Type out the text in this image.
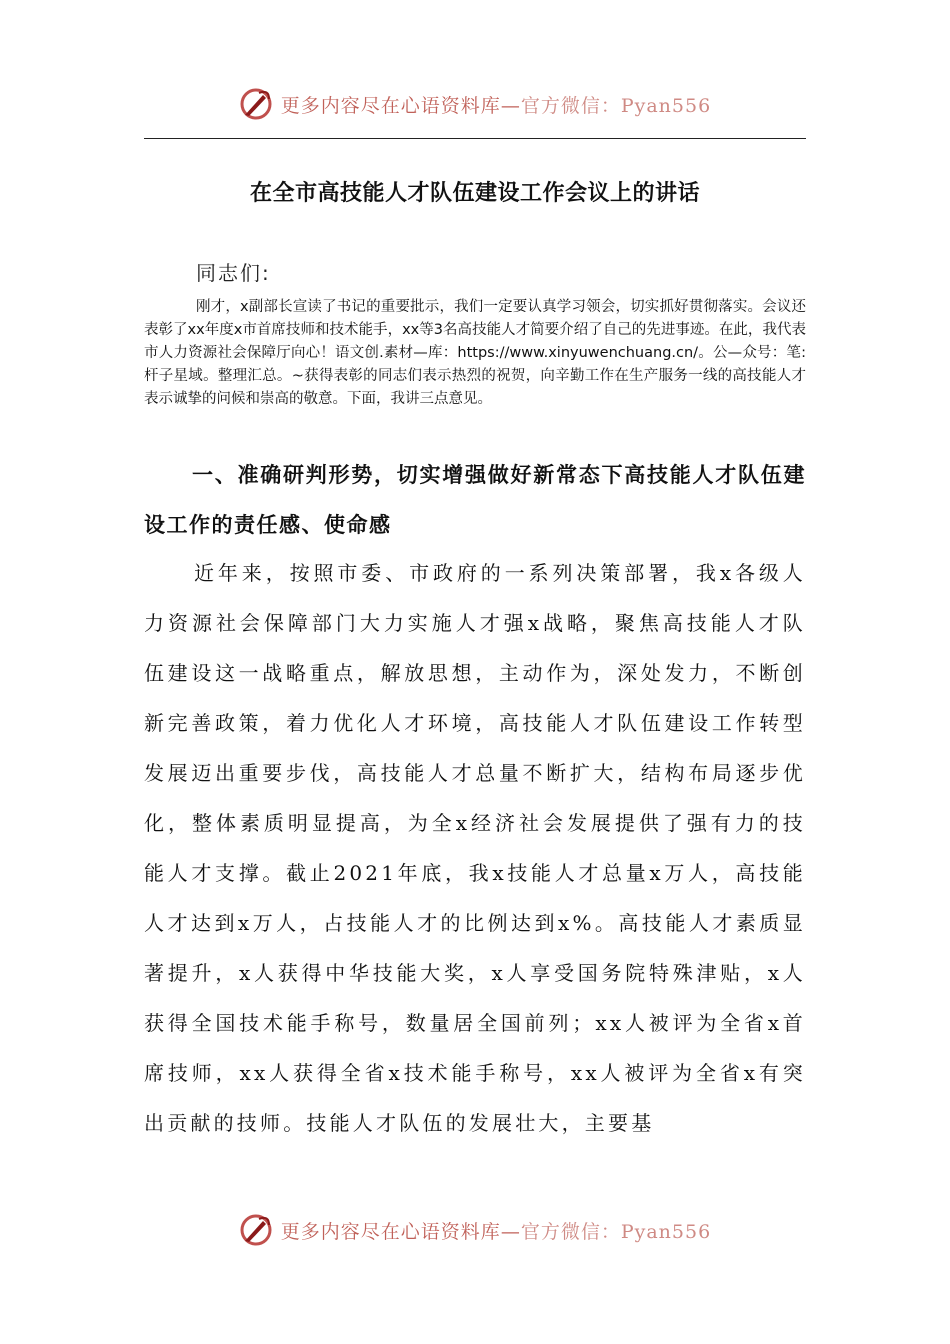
更多内容尽在心语资料库—官方微信：Pyan556
在全市高技能人才队伍建设工作会议上的讲话
同志们:

刚才，x副部长宣读了书记的重要批示，我们一定要认真学习领会，切实抓好贯彻落实。会议还表彰了xx年度x市首席技师和技术能手，xx等3名高技能人才简要介绍了自己的先进事迹。在此，我代表市人力资源社会保障厅向心！语文创.素材—库：https://www.xinyuwenchuang.cn/。公—众号：笔:杆子星域。整理汇总。~获得表彰的同志们表示热烈的祝贺，向辛勤工作在生产服务一线的高技能人才表示诚挚的问候和崇高的敬意。下面，我讲三点意见。

一、准确研判形势，切实增强做好新常态下高技能人才队伍建设工作的责任感、使命感

近年来，按照市委、市政府的一系列决策部署，我x各级人力资源社会保障部门大力实施人才强x战略，聚焦高技能人才队伍建设这一战略重点，解放思想，主动作为，深处发力，不断创新完善政策，着力优化人才环境，高技能人才队伍建设工作转型发展迈出重要步伐，高技能人才总量不断扩大，结构布局逐步优化，整体素质明显提高，为全x经济社会发展提供了强有力的技能人才支撑。截止2021年底，我x技能人才总量x万人，高技能人才达到x万人，占技能人才的比例达到x%。高技能人才素质显著提升，x人获得中华技能大奖，x人享受国务院特殊津贴，x人获得全国技术能手称号，数量居全国前列；xx人被评为全省x首席技师，xx人获得全省x技术能手称号，xx人被评为全省x有突出贡献的技师。技能人才队伍的发展壮大，主要基

更多内容尽在心语资料库—官方微信：Pyan556
